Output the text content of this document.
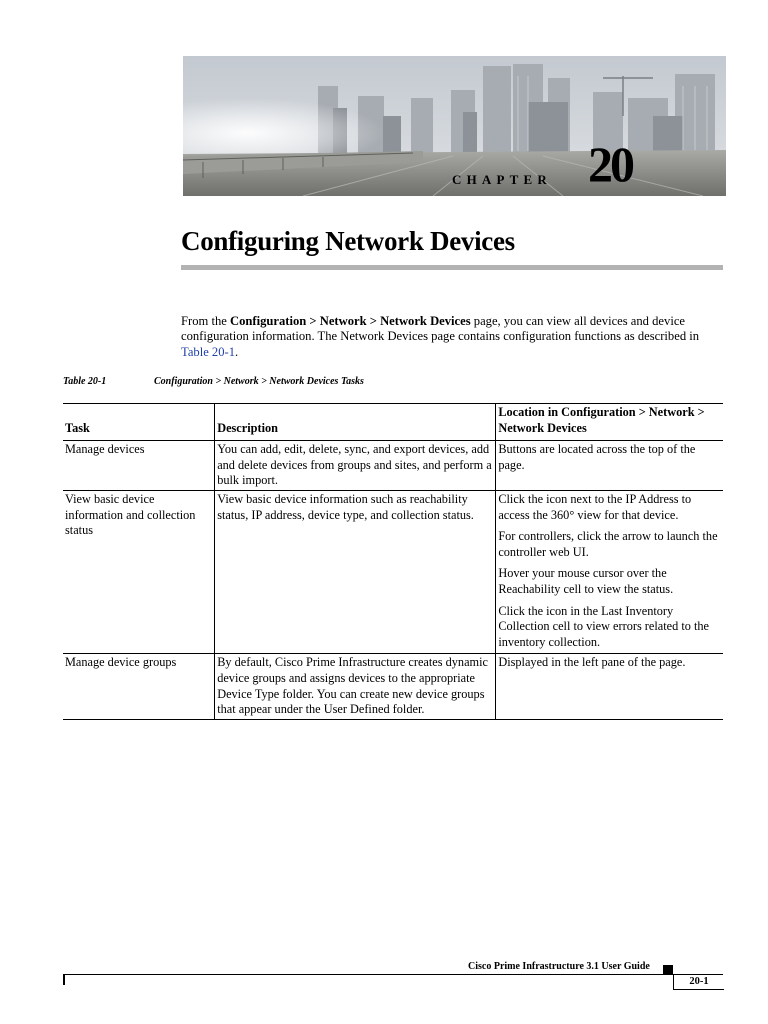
CHAPTER 20
Configuring Network Devices

From the Configuration > Network > Network Devices page, you can view all devices and device configuration information. The Network Devices page contains configuration functions as described in Table 20-1.

Table 20-1	Configuration > Network > Network Devices Tasks
Task	Description	Location in Configuration > Network > Network Devices
Manage devices	You can add, edit, delete, sync, and export devices, add and delete devices from groups and sites, and perform a bulk import.	Buttons are located across the top of the page.

View basic device information and collection status	View basic device information such as reachability status, IP address, device type, and collection status.	Click the icon next to the IP Address to access the 360° view for that device.

For controllers, click the arrow to launch the controller web UI.

Hover your mouse cursor over the Reachability cell to view the status.

Click the icon in the Last Inventory Collection cell to view errors related to the inventory collection.

Manage device groups	By default, Cisco Prime Infrastructure creates dynamic device groups and assigns devices to the appropriate Device Type folder. You can create new device groups that appear under the User Defined folder.	Displayed in the left pane of the page.

Cisco Prime Infrastructure 3.1 User Guide
20-1
